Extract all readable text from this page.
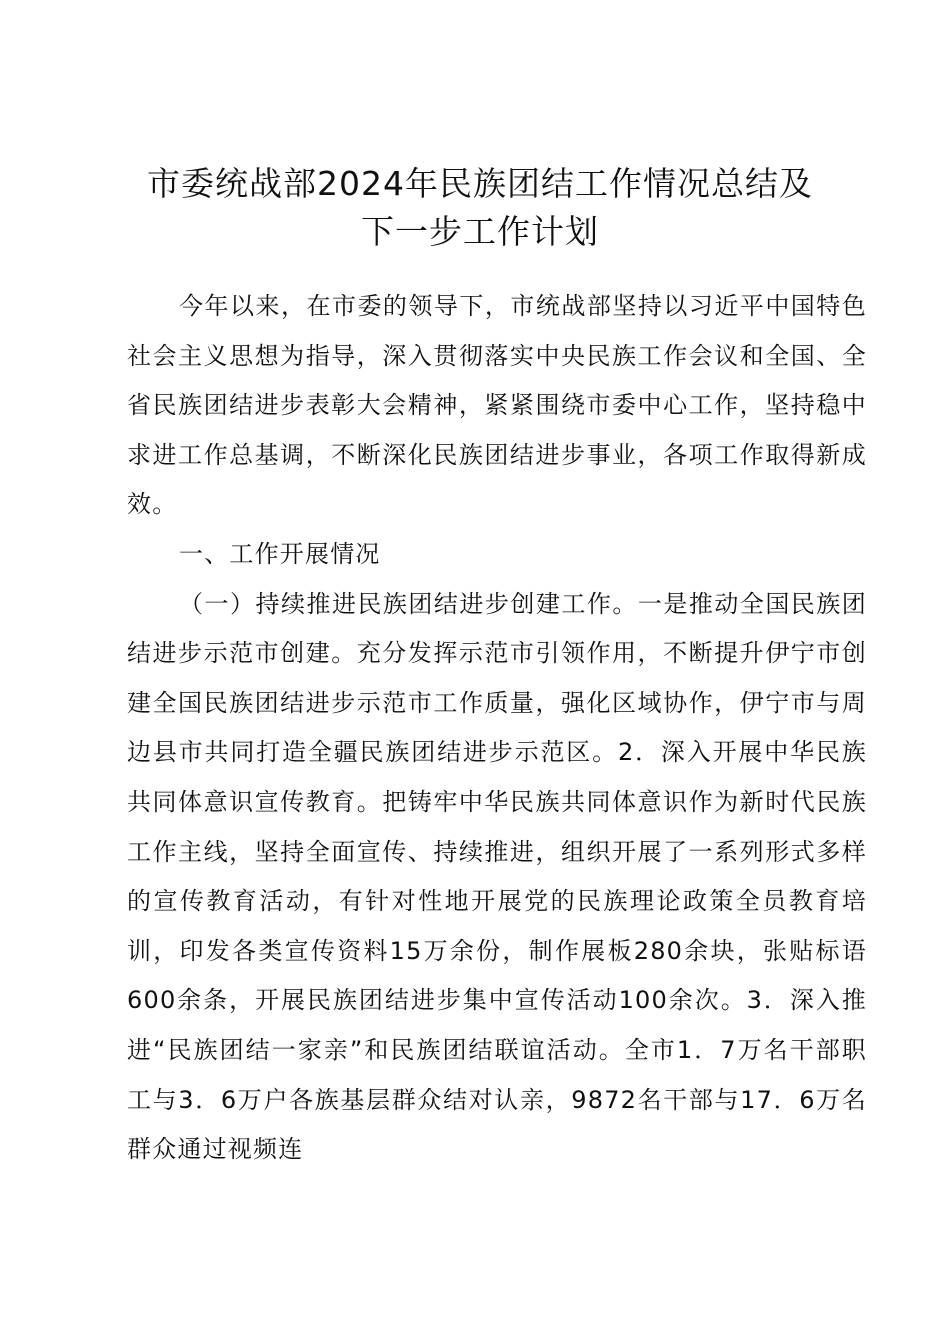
市委统战部2024年民族团结工作情况总结及
下一步工作计划

今年以来，在市委的领导下，市统战部坚持以习近平中国特色社会主义思想为指导，深入贯彻落实中央民族工作会议和全国、全省民族团结进步表彰大会精神，紧紧围绕市委中心工作，坚持稳中求进工作总基调，不断深化民族团结进步事业，各项工作取得新成效。

一、工作开展情况

（一）持续推进民族团结进步创建工作。一是推动全国民族团结进步示范市创建。充分发挥示范市引领作用，不断提升伊宁市创建全国民族团结进步示范市工作质量，强化区域协作，伊宁市与周边县市共同打造全疆民族团结进步示范区。2．深入开展中华民族共同体意识宣传教育。把铸牢中华民族共同体意识作为新时代民族工作主线，坚持全面宣传、持续推进，组织开展了一系列形式多样的宣传教育活动，有针对性地开展党的民族理论政策全员教育培训，印发各类宣传资料15万余份，制作展板280余块，张贴标语600余条，开展民族团结进步集中宣传活动100余次。3．深入推进“民族团结一家亲”和民族团结联谊活动。全市1．7万名干部职工与3．6万户各族基层群众结对认亲，9872名干部与17．6万名群众通过视频连
